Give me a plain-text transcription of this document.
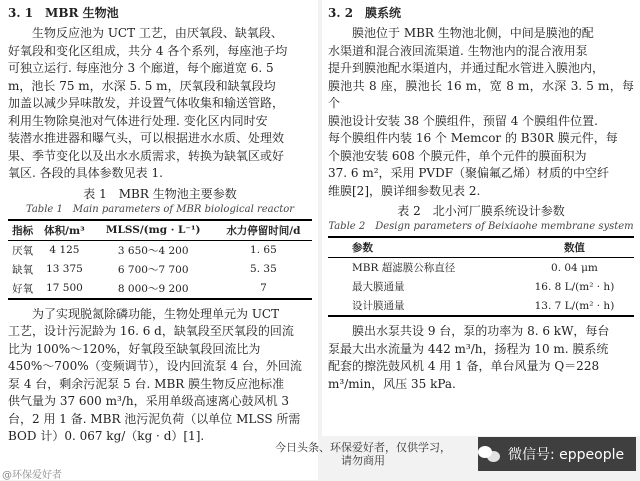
3. 1　MBR 生物池
生物反应池为 UCT 工艺，由厌氧段、缺氧段、
好氧段和变化区组成，共分 4 各个系列，每座池子均
可独立运行. 每座池分 3 个廊道，每个廊道宽 6. 5
m，池长 75 m，水深 5. 5 m，厌氧段和缺氧段均
加盖以减少异味散发，并设置气体收集和输送管路，
利用生物除臭池对气体进行处理. 变化区内同时安
装潜水推进器和曝气头，可以根据进水水质、处理效
果、季节变化以及出水水质需求，转换为缺氧区或好
氧区. 各段的具体参数见表 1.
表 1　MBR 生物池主要参数
Table 1　Main parameters of MBR biological reactor
指标	体积/m³	MLSS/(mg · L⁻¹)	水力停留时间/d
厌氧	4 125	3 650～4 200	1. 65
缺氧	13 375	6 700～7 700	5. 35
好氧	17 500	8 000～9 200	7
为了实现脱氮除磷功能，生物处理单元为 UCT
工艺，设计污泥龄为 16. 6 d，缺氧段至厌氧段的回流
比为 100%～120%，好氧段至缺氧段回流比为
450%～700%（变频调节），设内回流泵 4 台，外回流
泵 4 台，剩余污泥泵 5 台. MBR 膜生物反应池标准
供气量为 37 600 m³/h，采用单级高速离心鼓风机 3
台，2 用 1 备. MBR 池污泥负荷（以单位 MLSS 所需
BOD 计）0. 067 kg/（kg · d）[1].
3. 2　膜系统
膜池位于 MBR 生物池北侧，中间是膜池的配
水渠道和混合液回流渠道. 生物池内的混合液用泵
提升到膜池配水渠道内，并通过配水管进入膜池内，
膜池共 8 座，膜池长 16 m，宽 8 m，水深 3. 5 m，每个
膜池设计安装 38 个膜组件，预留 4 个膜组件位置.
每个膜组件内装 16 个 Memcor 的 B30R 膜元件，每
个膜池安装 608 个膜元件，单个元件的膜面积为
37. 6 m²，采用 PVDF（聚偏氟乙烯）材质的中空纤
维膜[2]，膜详细参数见表 2.
表 2　北小河厂膜系统设计参数
Table 2　Design parameters of Beixiaohe membrane system
参数	数值
MBR 超滤膜公称直径	0. 04 μm
最大膜通量	16. 8 L/(m² · h)
设计膜通量	13. 7 L/(m² · h)
膜出水泵共设 9 台，泵的功率为 8. 6 kW，每台
泵最大出水流量为 442 m³/h，扬程为 10 m. 膜系统
配套的擦洗鼓风机 4 用 1 备，单台风量为 Q＝228
m³/min，风压 35 kPa.
今日头条、环保爱好者，仅供学习，
请勿商用	微信号: eppeople
@环保爱好者
